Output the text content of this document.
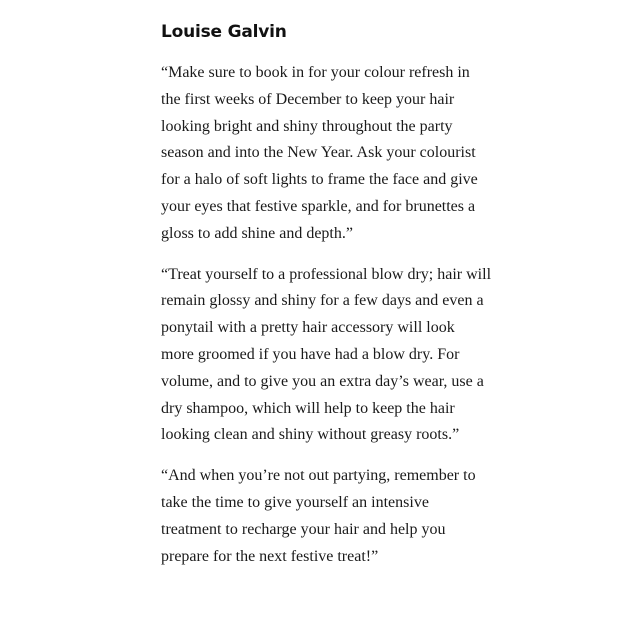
Louise Galvin

“Make sure to book in for your colour refresh in the first weeks of December to keep your hair looking bright and shiny throughout the party season and into the New Year. Ask your colourist for a halo of soft lights to frame the face and give your eyes that festive sparkle, and for brunettes a gloss to add shine and depth.”

“Treat yourself to a professional blow dry; hair will remain glossy and shiny for a few days and even a ponytail with a pretty hair accessory will look more groomed if you have had a blow dry. For volume, and to give you an extra day’s wear, use a dry shampoo, which will help to keep the hair looking clean and shiny without greasy roots.”

“And when you’re not out partying, remember to take the time to give yourself an intensive treatment to recharge your hair and help you prepare for the next festive treat!”
